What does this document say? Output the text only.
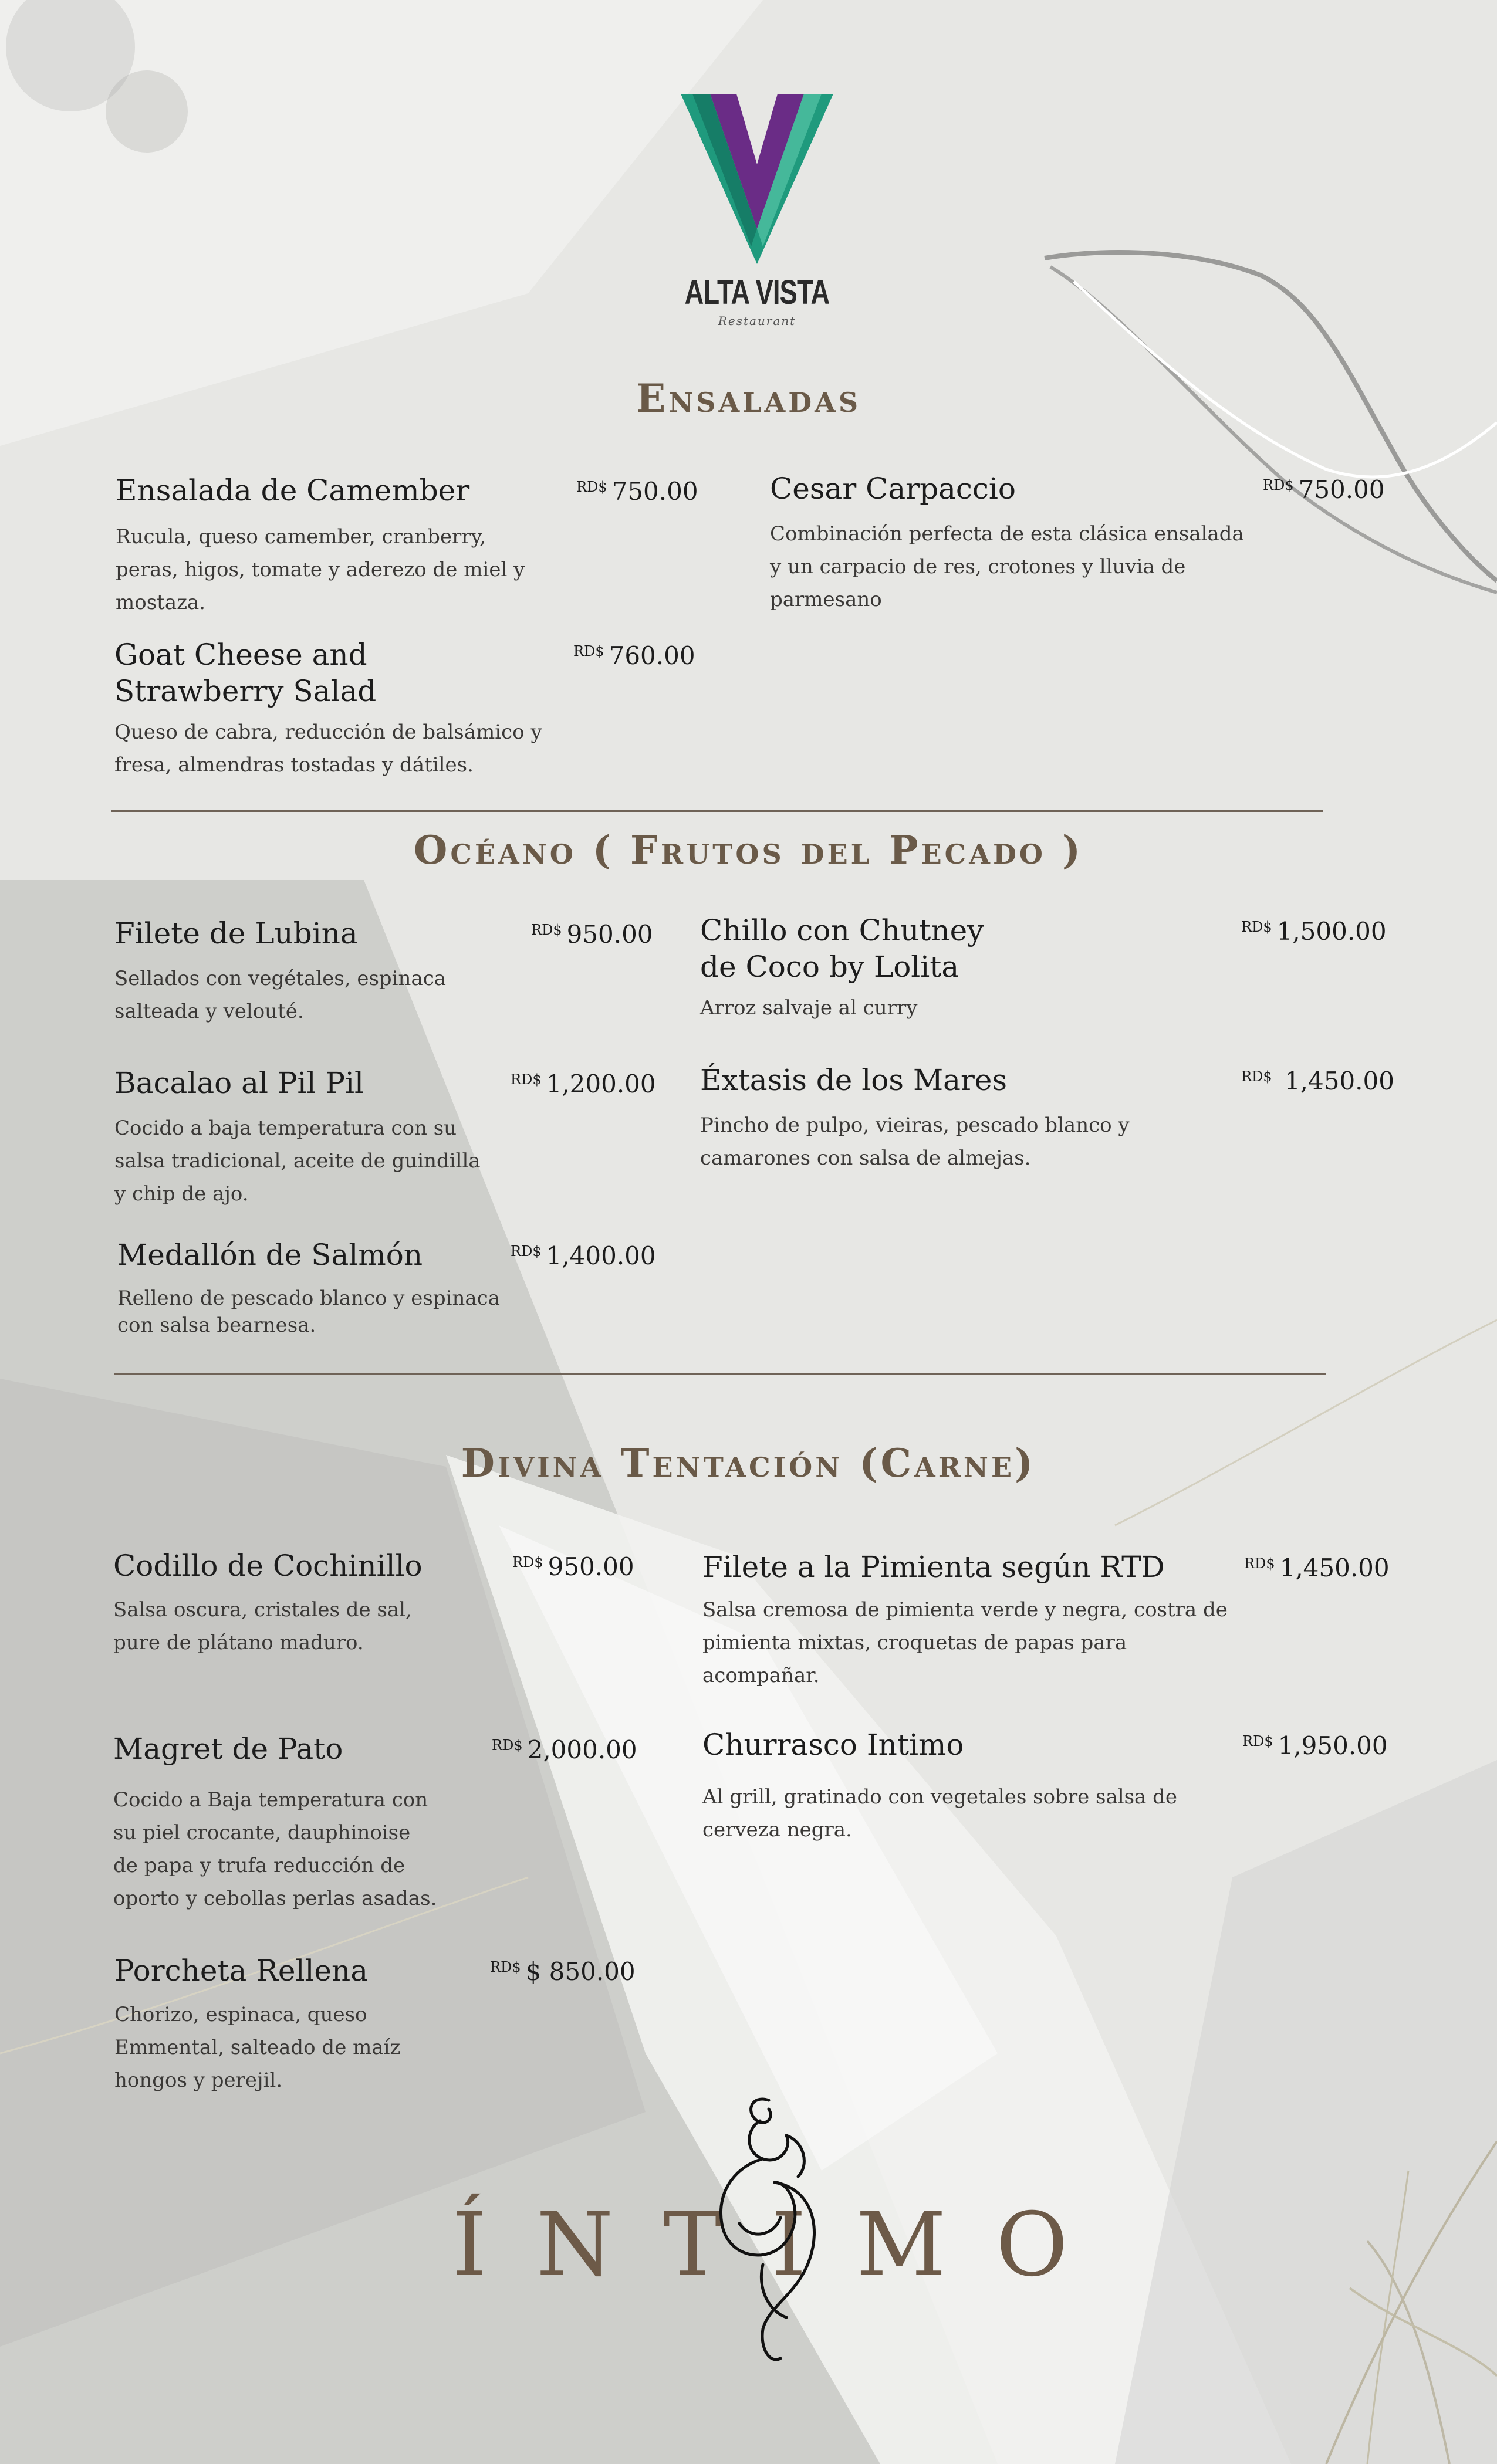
ALTA VISTA
Restaurant
Ensaladas
Ensalada de Camember	$^{RD\$}$ 750.00
Rucula, queso camember, cranberry,
peras, higos, tomate y aderezo de miel y
mostaza.
Goat Cheese and
Strawberry Salad
$^{RD\$}$ 760.00
Queso de cabra, reducción de balsámico y
fresa, almendras tostadas y dátiles.
Cesar Carpaccio	$^{RD\$}$ 750.00
Combinación perfecta de esta clásica ensalada
y un carpacio de res, crotones y lluvia de
parmesano
Océano ( Frutos del Pecado )
Filete de Lubina	$^{RD\$}$ 950.00
Sellados con vegétales, espinaca
salteada y velouté.
Bacalao al Pil Pil	$^{RD\$}$ 1,200.00
Cocido a baja temperatura con su
salsa tradicional, aceite de guindilla
y chip de ajo.
Medallón de Salmón	$^{RD\$}$ 1,400.00
Relleno de pescado blanco y espinaca
con salsa bearnesa.
Chillo con Chutney
de Coco by Lolita
$^{RD\$}$ 1,500.00
Arroz salvaje al curry
Éxtasis de los Mares	$^{RD\$}$ 1,450.00
Pincho de pulpo, vieiras, pescado blanco y
camarones con salsa de almejas.
Divina Tentación (Carne)
Codillo de Cochinillo	$^{RD\$}$ 950.00
Salsa oscura, cristales de sal,
pure de plátano maduro.
Magret de Pato	$^{RD\$}$ 2,000.00
Cocido a Baja temperatura con
su piel crocante, dauphinoise
de papa y trufa reducción de
oporto y cebollas perlas asadas.
Porcheta Rellena	$^{RD\$}$ $ 850.00
Chorizo, espinaca, queso
Emmental, salteado de maíz
hongos y perejil.
Filete a la Pimienta según RTD	$^{RD\$}$ 1,450.00
Salsa cremosa de pimienta verde y negra, costra de
pimienta mixtas, croquetas de papas para
acompañar.
Churrasco Intimo	$^{RD\$}$ 1,950.00
Al grill, gratinado con vegetales sobre salsa de
cerveza negra.
Í N T I M O
